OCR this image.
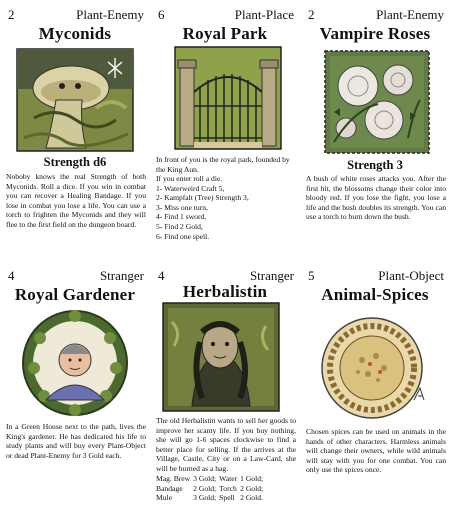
2	Plant-Enemy
Myconids
Strength d6
Noboby knows the real Strength of both Myconids. Roll a dice. If you win in combat you can recover a Healing Bandage. If you lose in combat you lose a life. You can use a torch to frighten the Myconids and they will flee to the first field on the dungeon board.
6	Plant-Place
Royal Park
In front of you is the royal park, founded by the King Aun.
If you enter roll a die.
1- Waterweird Craft 5,
2- Kampfalt (Tree) Strength 3,
3- Miss one turn,
4- Find 1 sword,
5- Find 2 Gold,
6- Find one spell.
2	Plant-Enemy
Vampire Roses
Strength 3
A bush of white roses attacks you. After the first hit, the blossoms change their color into bloody red. If you lose the fight, you lose a life and the bush doubles its strength. You can use a torch to burn down the bush.
4	Stranger
Royal Gardener
In a Green House next to the path, lives the King's gardener. He has dedicated his life to study plants and will buy every Plant-Object or dead Plant-Enemy for 3 Gold each.
4	Stranger
Herbalistin

The old Herbalistin wants to sell her goods to improve her scanty life. If you buy nothing, she will go 1-6 spaces clockwise to find a better place for selling. If the arrives at the Village, Castle, City or on a Law-Card, she will be burned as a hag.

Mag. Brew	3 Gold;	Water	1 Gold;
Bandage	2 Gold;	Torch	2 Gold;
Mule	3 Gold;	Spell	2 Gold.
5	Plant-Object
Animal-Spices
Chosen spices can be used on animals in the hands of other characters. Harmless animals will change their owners, while wild animals will stay with you for one combat. You can only use the spices once.
